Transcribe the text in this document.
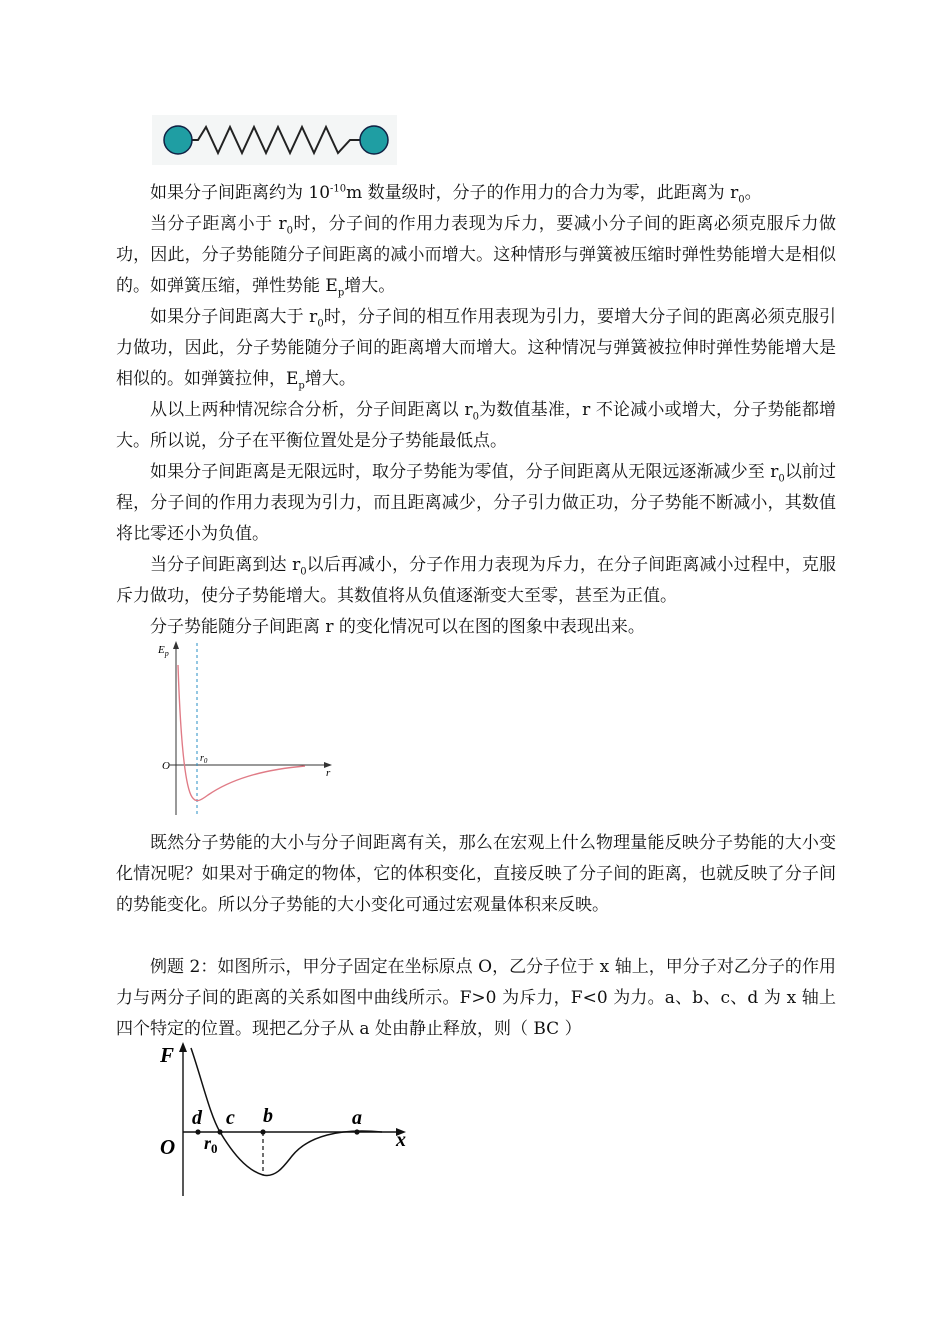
如果分子间距离约为 $10^{-10}m$ 数量级时，分子的作用力的合力为零，此距离为 $r_0$。

当分子距离小于 $r_0$时，分子间的作用力表现为斥力，要减小分子间的距离必须克服斥力做功，因此，分子势能随分子间距离的减小而增大。这种情形与弹簧被压缩时弹性势能增大是相似的。如弹簧压缩，弹性势能 $E_p$增大。

如果分子间距离大于 $r_0$时，分子间的相互作用表现为引力，要增大分子间的距离必须克服引力做功，因此，分子势能随分子间的距离增大而增大。这种情况与弹簧被拉伸时弹性势能增大是相似的。如弹簧拉伸，$E_p$增大。

从以上两种情况综合分析，分子间距离以 $r_0$为数值基准，r 不论减小或增大，分子势能都增大。所以说，分子在平衡位置处是分子势能最低点。

如果分子间距离是无限远时，取分子势能为零值，分子间距离从无限远逐渐减少至 $r_0$以前过程，分子间的作用力表现为引力，而且距离减少，分子引力做正功，分子势能不断减小，其数值将比零还小为负值。

当分子间距离到达 $r_0$以后再减小，分子作用力表现为斥力，在分子间距离减小过程中，克服斥力做功，使分子势能增大。其数值将从负值逐渐变大至零，甚至为正值。

分子势能随分子间距离 r 的变化情况可以在图的图象中表现出来。

$E_p$
O
r
$r_0$

既然分子势能的大小与分子间距离有关，那么在宏观上什么物理量能反映分子势能的大小变化情况呢？如果对于确定的物体，它的体积变化，直接反映了分子间的距离，也就反映了分子间的势能变化。所以分子势能的大小变化可通过宏观量体积来反映。

例题 2：如图所示，甲分子固定在坐标原点 O，乙分子位于 x 轴上，甲分子对乙分子的作用力与两分子间的距离的关系如图中曲线所示。F>0 为斥力，F<0 为力。a、b、c、d 为 x 轴上四个特定的位置。现把乙分子从 a 处由静止释放，则（ BC ）

F
O	x
d c b	a
$r_0$
